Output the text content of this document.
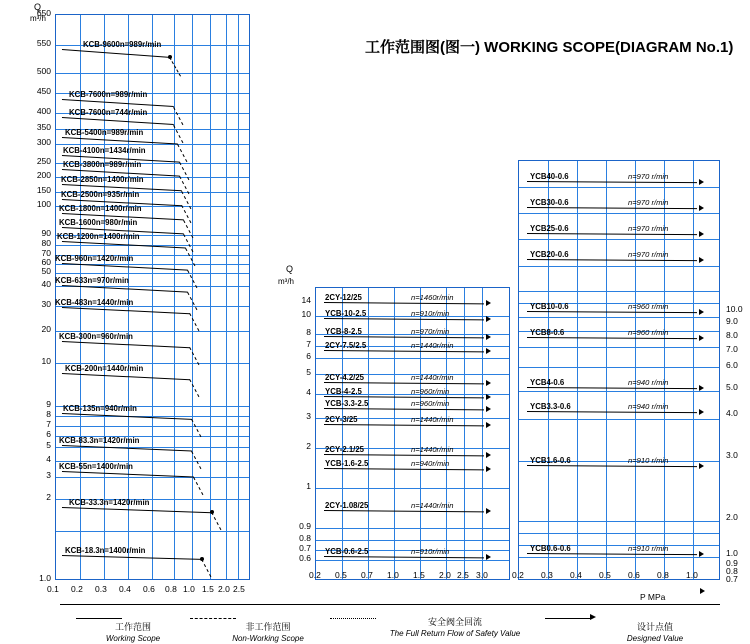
工作范围图(图一) WORKING SCOPE(DIAGRAM No.1)
650
550
500
450
400
350
300
250
200
150
100
90
80
70
60
50
40
30
20
10
9
8
7
6
5
4
3
2
1.0
0.1 0.2 0.3 0.4 0.6 0.8 1.0 1.5 2.0 2.5
KCB-9600n=989r/min
KCB-7600n=989r/min
KCB-7600n=744r/min
KCB-5400n=989r/min
KCB-4100n=1434r/min
KCB-3800n=989r/min
KCB-2850n=1400r/min
KCB-2500n=935r/min
KCB-1800n=1400r/min
KCB-1600n=980r/min
KCB-1200n=1400r/min
KCB-960n=1420r/min
KCB-633n=970r/min
KCB-483n=1440r/min
KCB-300n=960r/min
KCB-200n=1440r/min
KCB-135n=940r/min
KCB-83.3n=1420r/min
KCB-55n=1400r/min
KCB-33.3n=1420r/min
KCB-18.3n=1400r/min
Q
m³/h
14
10
8
7
6
5
4
3
2
1
0.9
0.8
0.7
0.6
0.2 0.5 0.7 1.0 1.5 2.0 2.5 3.0
2CY-12/25	n=1460r/min
YCB-10-2.5	n=910r/min
YCB-8-2.5	n=970r/min
2CY-7.5/2.5	n=1440r/min
2CY-4.2/25	n=1440r/min
YCB-4-2.5	n=960r/min
YCB-3.3-2.5	n=960r/min
2CY-3/25	n=1440r/min
2CY-2.1/25	n=1440r/min
YCB-1.6-2.5	n=940r/min
2CY-1.08/25	n=1440r/min
YCB-0.6-2.5	n=910r/min
Q
m³/h
10.0
9.0
8.0
7.0
6.0
5.0
4.0
3.0
2.0
1.0
0.9
0.8
0.7
0.2 0.3 0.4 0.5 0.6 0.8 1.0
YCB40-0.6	n=970 r/min
YCB30-0.6	n=970 r/min
YCB25-0.6	n=970 r/min
YCB20-0.6	n=970 r/min
YCB10-0.6	n=960 r/min
YCB8-0.6	n=960 r/min
YCB4-0.6	n=940 r/min
YCB3.3-0.6	n=940 r/min
YCB1.6-0.6	n=910 r/min
YCB0.6-0.6	n=910 r/min
P MPa
工作范围
Working Scope
非工作范围
Non-Working Scope
安全阀全回流
The Full Return Flow of Safety Value
设计点值
Designed Value
